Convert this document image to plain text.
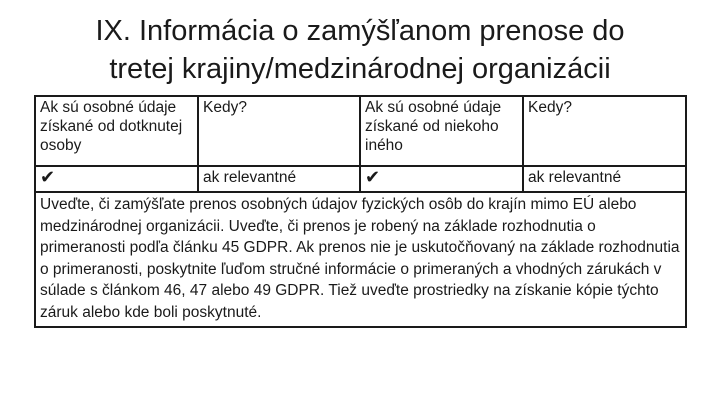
IX. Informácia o zamýšľanom prenose do
tretej krajiny/medzinárodnej organizácii
Ak sú osobné údaje získané od dotknutej osoby	Kedy?	Ak sú osobné údaje získané od niekoho iného	Kedy?
✔	ak relevantné	✔	ak relevantné
Uveďte, či zamýšľate prenos osobných údajov fyzických osôb do krajín mimo EÚ alebo medzinárodnej organizácii. Uveďte, či prenos je robený na základe rozhodnutia o primeranosti podľa článku 45 GDPR. Ak prenos nie je uskutočňovaný na základe rozhodnutia o primeranosti, poskytnite ľuďom stručné informácie o primeraných a vhodných zárukách v súlade s článkom 46, 47 alebo 49 GDPR. Tiež uveďte prostriedky na získanie kópie týchto záruk alebo kde boli poskytnuté.			
